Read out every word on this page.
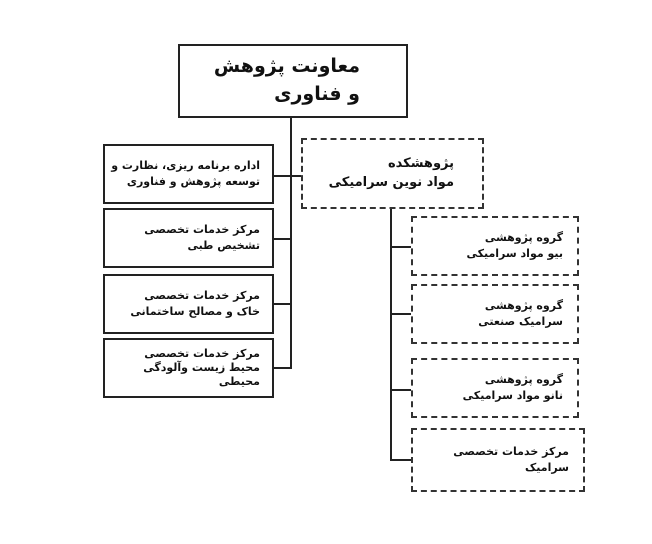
معاونت پژوهش
و فناوری
پژوهشکده
مواد نوین سرامیکی
اداره برنامه ریزی، نظارت و
توسعه پژوهش و فناوری
مرکز خدمات تخصصی
تشخیص طبی
مرکز خدمات تخصصی
خاک و مصالح ساختمانی
مرکز خدمات تخصصی
محیط زیست وآلودگی
محیطی
گروه پژوهشی
بیو مواد سرامیکی
گروه پژوهشی
سرامیک صنعتی
گروه پژوهشی
نانو مواد سرامیکی
مرکز خدمات تخصصی
سرامیک
